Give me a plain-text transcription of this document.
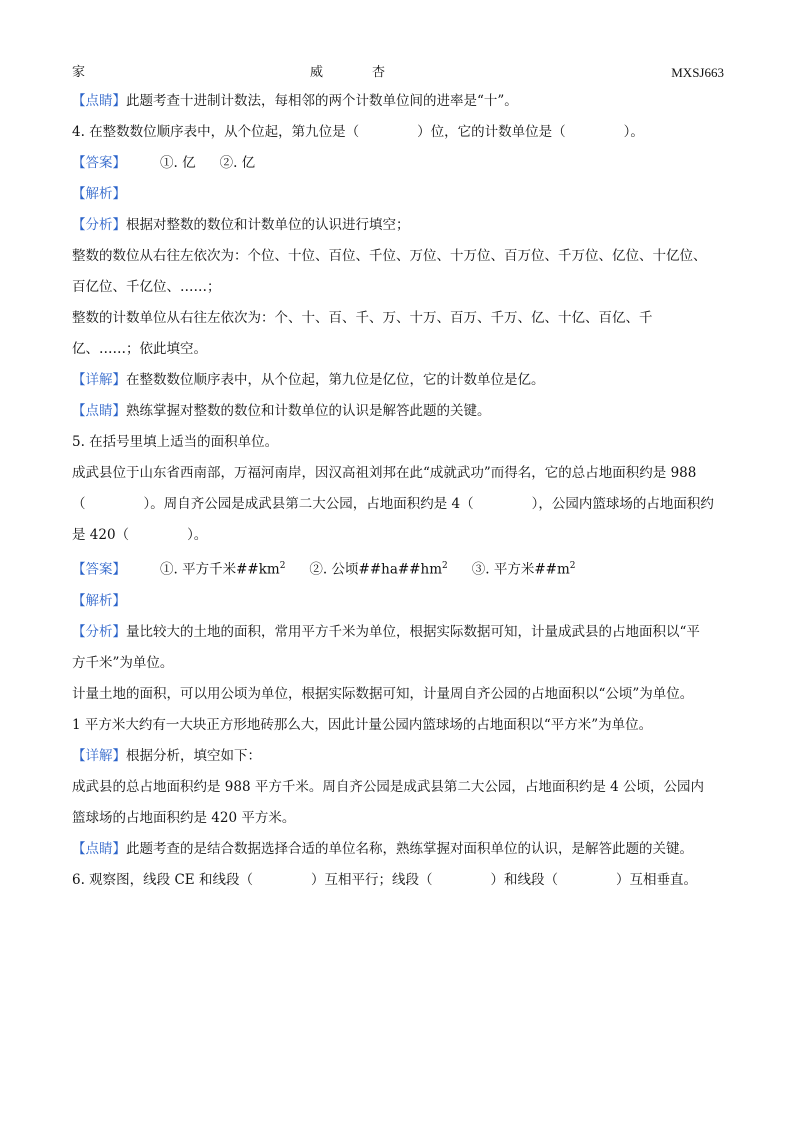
家	威	杏	MXSJ663
【点睛】此题考查十进制计数法，每相邻的两个计数单位间的进率是“十”。
4. 在整数数位顺序表中，从个位起，第九位是（	）位，它的计数单位是（	）。
【答案】	①. 亿 ②. 亿
【解析】
【分析】根据对整数的数位和计数单位的认识进行填空；
整数的数位从右往左依次为：个位、十位、百位、千位、万位、十万位、百万位、千万位、亿位、十亿位、
百亿位、千亿位、……；
整数的计数单位从右往左依次为：个、十、百、千、万、十万、百万、千万、亿、十亿、百亿、千
亿、……；依此填空。
【详解】在整数数位顺序表中，从个位起，第九位是亿位，它的计数单位是亿。
【点睛】熟练掌握对整数的数位和计数单位的认识是解答此题的关键。
5. 在括号里填上适当的面积单位。
成武县位于山东省西南部，万福河南岸，因汉高祖刘邦在此“成就武功”而得名，它的总占地面积约是 988
（	）。周自齐公园是成武县第二大公园，占地面积约是 4（	），公园内篮球场的占地面积约
是 420（	）。
【答案】	①. 平方千米$\#\#km^2$ ②. 公顷$\#\#ha\#\#hm^2$ ③. 平方米$\#\#m^2$
【解析】
【分析】量比较大的土地的面积，常用平方千米为单位，根据实际数据可知，计量成武县的占地面积以“平
方千米”为单位。
计量土地的面积，可以用公顷为单位，根据实际数据可知，计量周自齐公园的占地面积以“公顷”为单位。
1 平方米大约有一大块正方形地砖那么大，因此计量公园内篮球场的占地面积以“平方米”为单位。
【详解】根据分析，填空如下：
成武县的总占地面积约是 988 平方千米。周自齐公园是成武县第二大公园，占地面积约是 4 公顷，公园内
篮球场的占地面积约是 420 平方米。
【点睛】此题考查的是结合数据选择合适的单位名称，熟练掌握对面积单位的认识，是解答此题的关键。
6. 观察图，线段 CE 和线段（	）互相平行；线段（	）和线段（	）互相垂直。
